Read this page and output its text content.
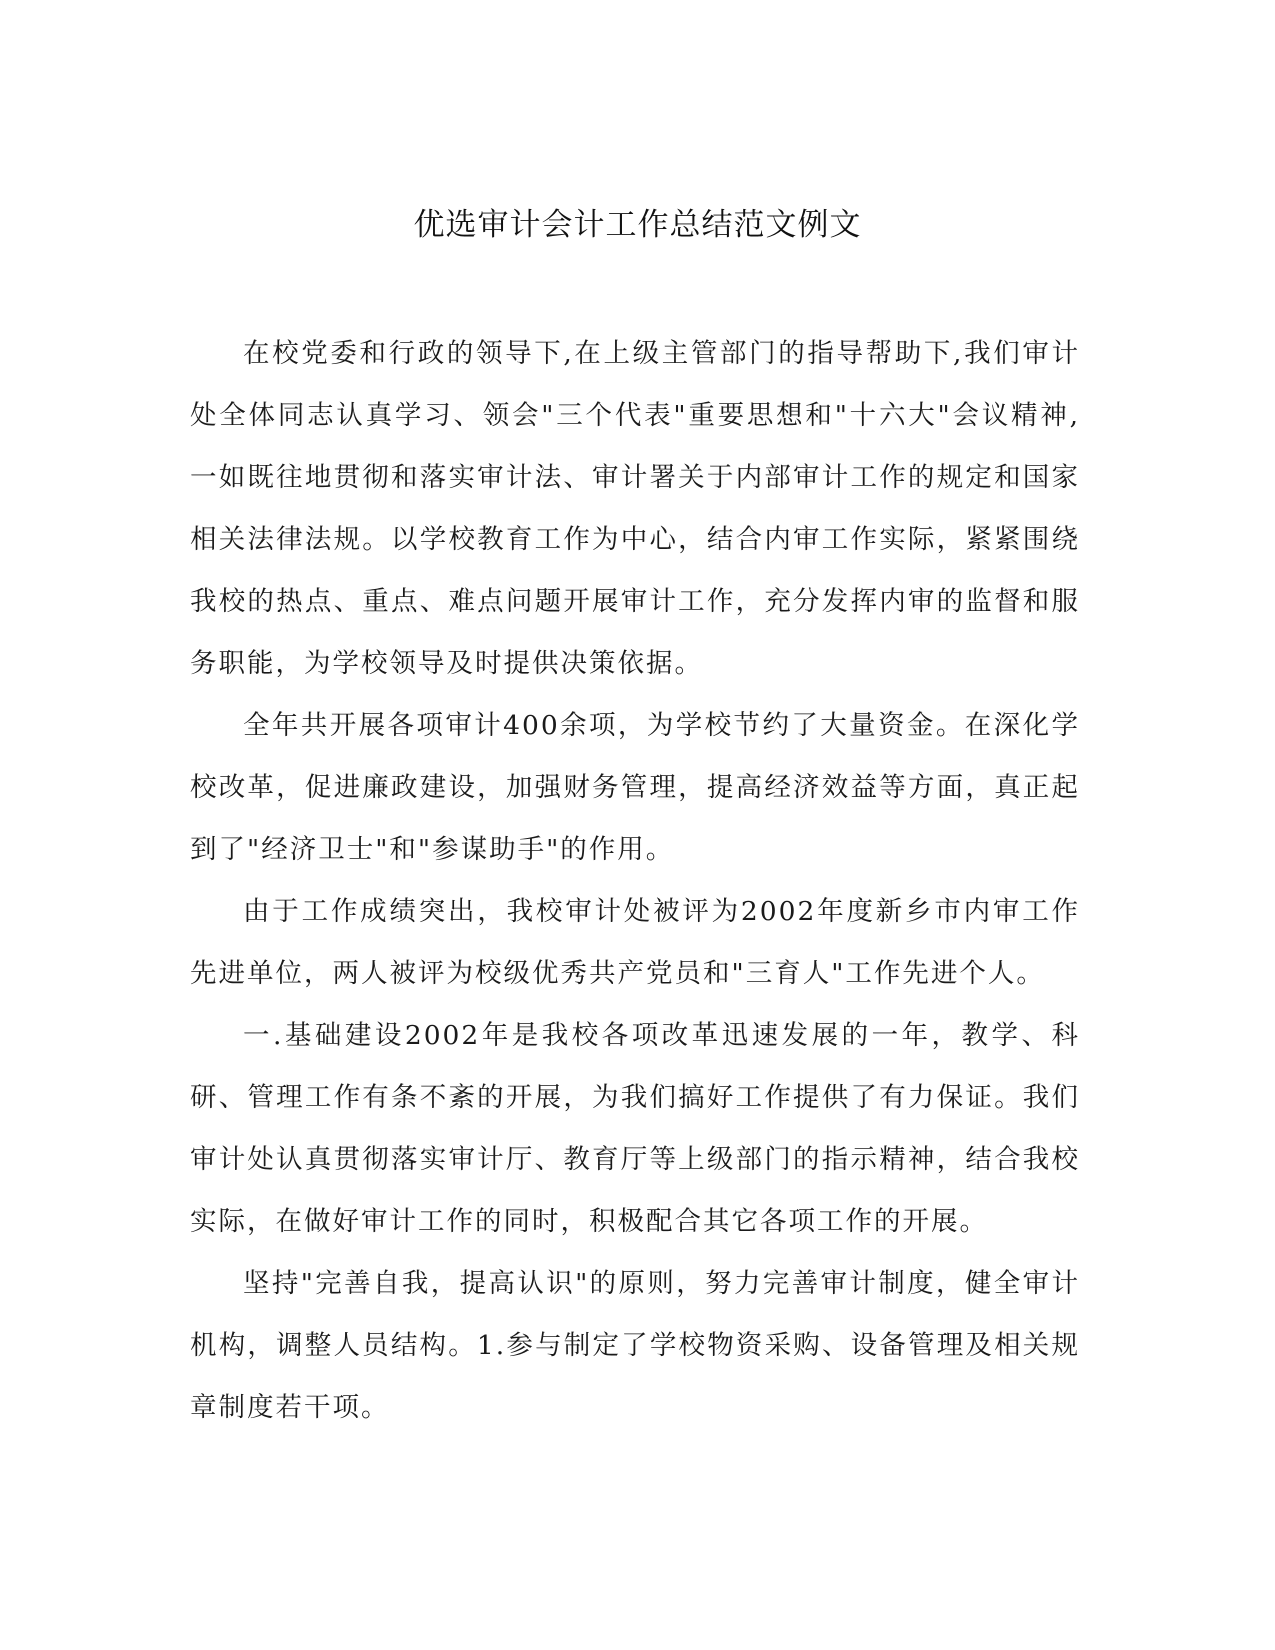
优选审计会计工作总结范文例文

在校党委和行政的领导下,在上级主管部门的指导帮助下,我们审计处全体同志认真学习、领会"三个代表"重要思想和"十六大"会议精神,一如既往地贯彻和落实审计法、审计署关于内部审计工作的规定和国家相关法律法规。以学校教育工作为中心，结合内审工作实际，紧紧围绕我校的热点、重点、难点问题开展审计工作，充分发挥内审的监督和服务职能，为学校领导及时提供决策依据。

全年共开展各项审计400余项，为学校节约了大量资金。在深化学校改革，促进廉政建设，加强财务管理，提高经济效益等方面，真正起到了"经济卫士"和"参谋助手"的作用。

由于工作成绩突出，我校审计处被评为2002年度新乡市内审工作先进单位，两人被评为校级优秀共产党员和"三育人"工作先进个人。

一.基础建设2002年是我校各项改革迅速发展的一年，教学、科研、管理工作有条不紊的开展，为我们搞好工作提供了有力保证。我们审计处认真贯彻落实审计厅、教育厅等上级部门的指示精神，结合我校实际，在做好审计工作的同时，积极配合其它各项工作的开展。

坚持"完善自我，提高认识"的原则，努力完善审计制度，健全审计机构，调整人员结构。1.参与制定了学校物资采购、设备管理及相关规章制度若干项。
